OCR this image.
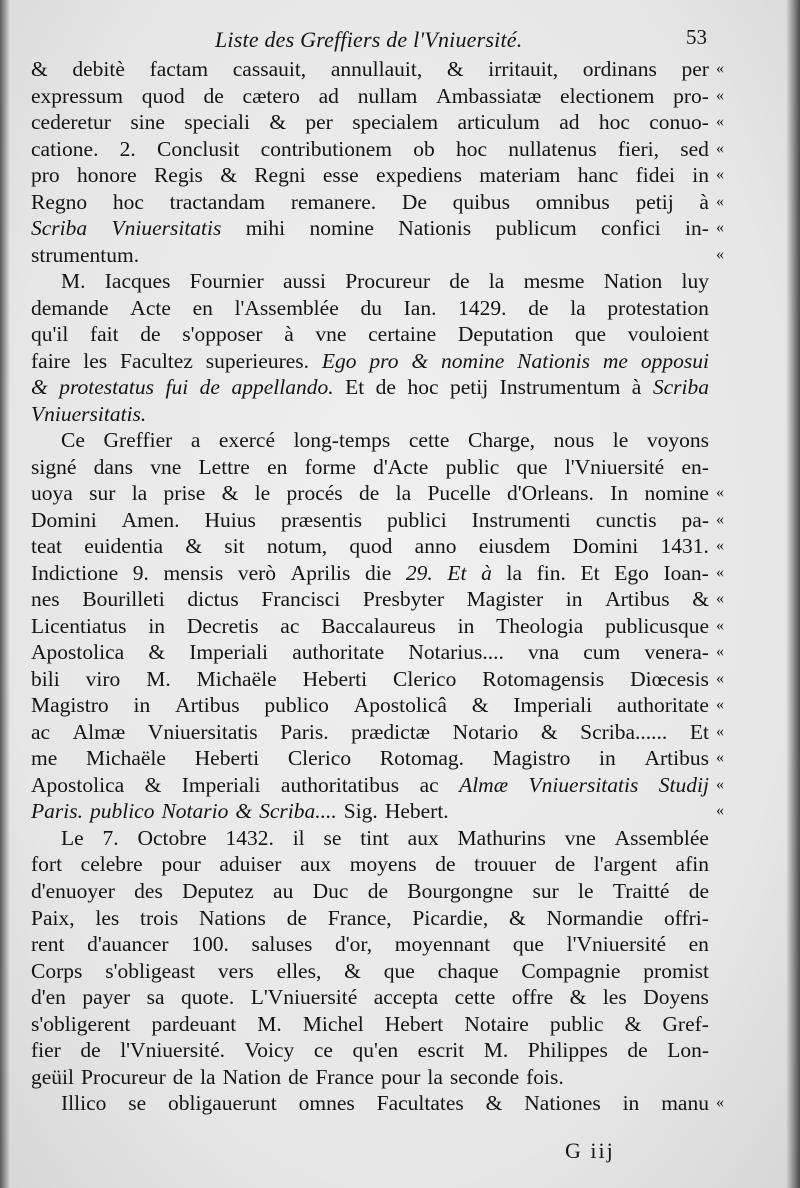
Liste des Greffiers de l'Vniuersité.	53
& debitè factam cassauit, annullauit, & irritauit, ordinans per
expressum quod de cætero ad nullam Ambassiatæ electionem pro-
cederetur sine speciali & per specialem articulum ad hoc conuo-
catione. 2. Conclusit contributionem ob hoc nullatenus fieri, sed
pro honore Regis & Regni esse expediens materiam hanc fidei in
Regno hoc tractandam remanere. De quibus omnibus petij à
Scriba Vniuersitatis mihi nomine Nationis publicum confici in-
strumentum.
M. Iacques Fournier aussi Procureur de la mesme Nation luy
demande Acte en l'Assemblée du Ian. 1429. de la protestation
qu'il fait de s'opposer à vne certaine Deputation que vouloient
faire les Facultez superieures. Ego pro & nomine Nationis me opposui
& protestatus fui de appellando. Et de hoc petij Instrumentum à Scriba
Vniuersitatis.
Ce Greffier a exercé long-temps cette Charge, nous le voyons
signé dans vne Lettre en forme d'Acte public que l'Vniuersité en-
uoya sur la prise & le procés de la Pucelle d'Orleans. In nomine
Domini Amen. Huius præsentis publici Instrumenti cunctis pa-
teat euidentia & sit notum, quod anno eiusdem Domini 1431.
Indictione 9. mensis verò Aprilis die 29. Et à la fin. Et Ego Ioan-
nes Bourilleti dictus Francisci Presbyter Magister in Artibus &
Licentiatus in Decretis ac Baccalaureus in Theologia publicusque
Apostolica & Imperiali authoritate Notarius.... vna cum venera-
bili viro M. Michaële Heberti Clerico Rotomagensis Diœcesis
Magistro in Artibus publico Apostolicâ & Imperiali authoritate
ac Almæ Vniuersitatis Paris. prædictæ Notario & Scriba...... Et
me Michaële Heberti Clerico Rotomag. Magistro in Artibus
Apostolica & Imperiali authoritatibus ac Almæ Vniuersitatis Studij
Paris. publico Notario & Scriba.... Sig. Hebert.
Le 7. Octobre 1432. il se tint aux Mathurins vne Assemblée
fort celebre pour aduiser aux moyens de trouuer de l'argent afin
d'enuoyer des Deputez au Duc de Bourgongne sur le Traitté de
Paix, les trois Nations de France, Picardie, & Normandie offri-
rent d'auancer 100. saluses d'or, moyennant que l'Vniuersité en
Corps s'obligeast vers elles, & que chaque Compagnie promist
d'en payer sa quote. L'Vniuersité accepta cette offre & les Doyens
s'obligerent pardeuant M. Michel Hebert Notaire public & Gref-
fier de l'Vniuersité. Voicy ce qu'en escrit M. Philippes de Lon-
geüil Procureur de la Nation de France pour la seconde fois.
Illico se obligauerunt omnes Facultates & Nationes in manu
«
«
«
«
«
«
«
«
«
«
«
«
«
«
«
«
«
«
«
«
«
«
G iij
